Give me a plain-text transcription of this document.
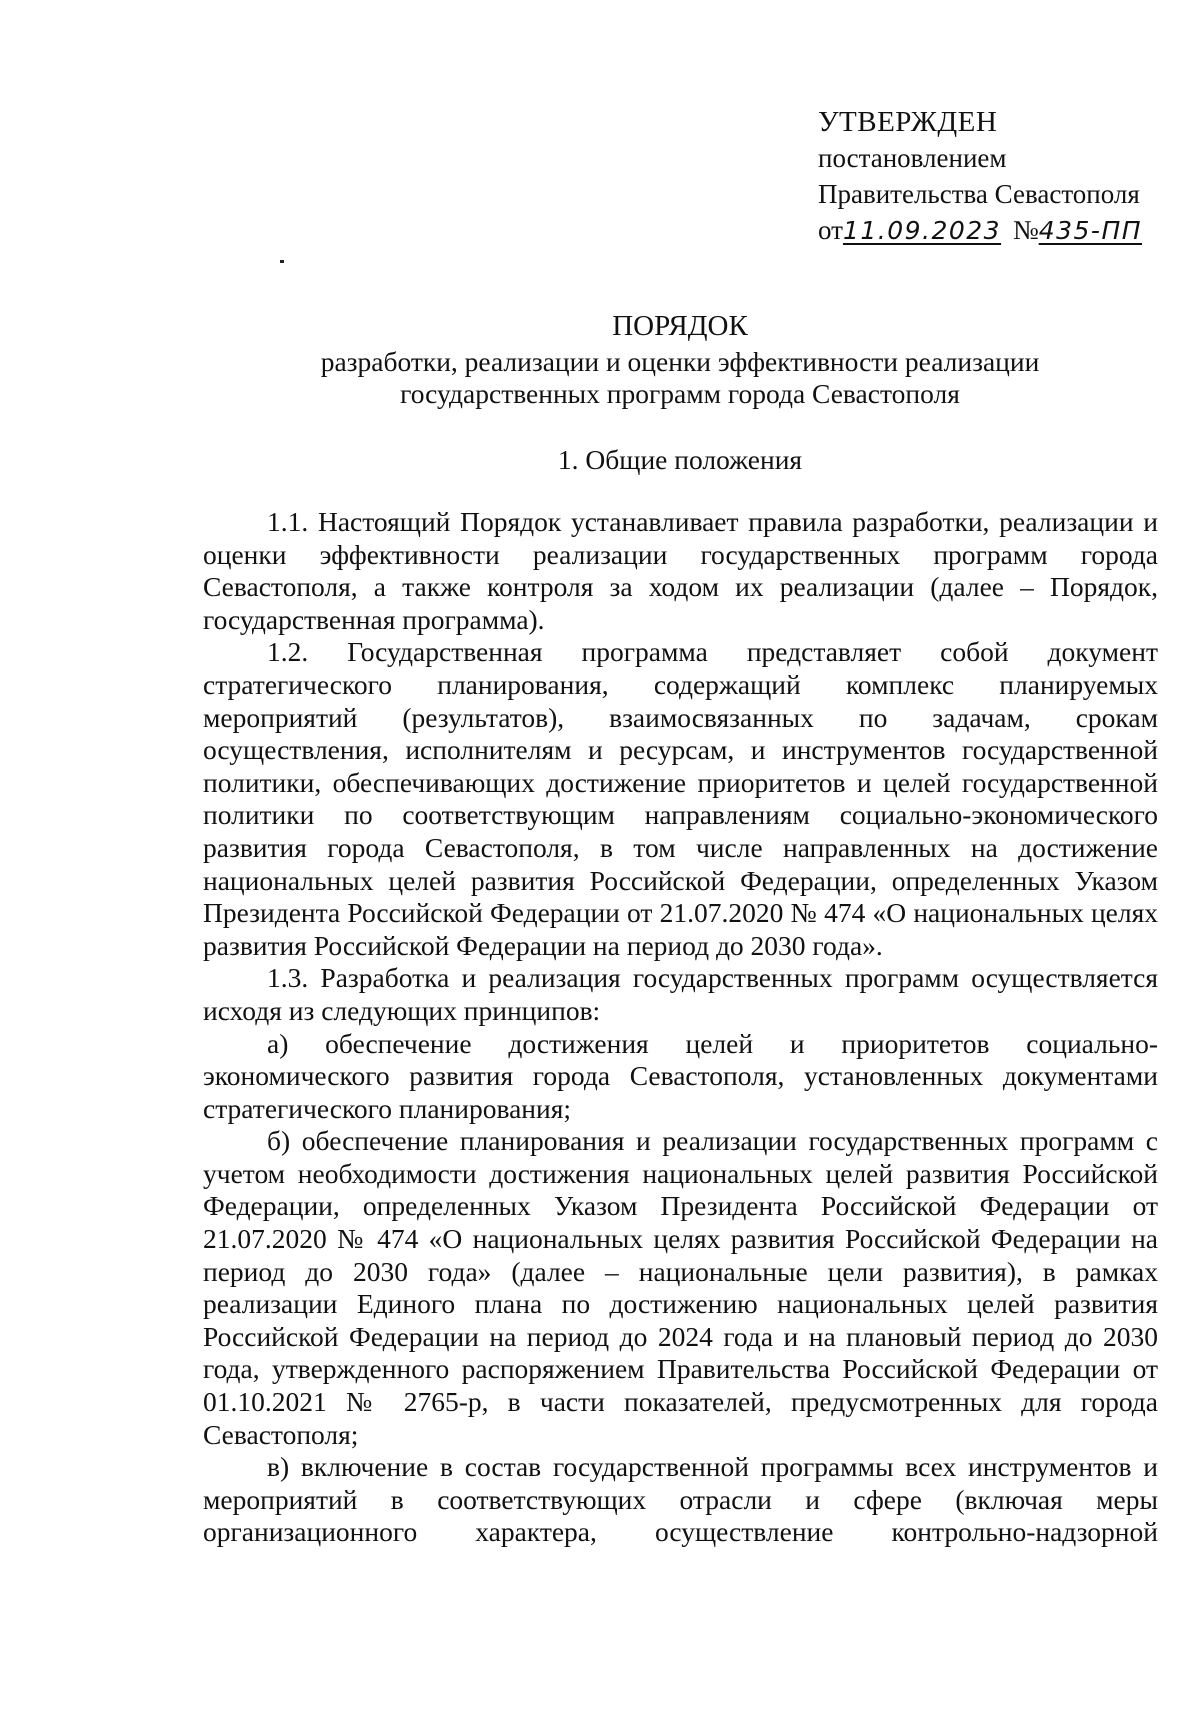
УТВЕРЖДЕН
постановлением
Правительства Севастополя
от11.09.2023 №435-ПП
ПОРЯДОК
разработки, реализации и оценки эффективности реализации
государственных программ города Севастополя
1. Общие положения

1.1. Настоящий Порядок устанавливает правила разработки, реализации и оценки эффективности реализации государственных программ города Севастополя, а также контроля за ходом их реализации (далее – Порядок, государственная программа).

1.2. Государственная программа представляет собой документ стратегического планирования, содержащий комплекс планируемых мероприятий (результатов), взаимосвязанных по задачам, срокам осуществления, исполнителям и ресурсам, и инструментов государственной политики, обеспечивающих достижение приоритетов и целей государственной политики по соответствующим направлениям социально-экономического развития города Севастополя, в том числе направленных на достижение национальных целей развития Российской Федерации, определенных Указом Президента Российской Федерации от 21.07.2020 № 474 «О национальных целях развития Российской Федерации на период до 2030 года».

1.3. Разработка и реализация государственных программ осуществляется исходя из следующих принципов:

а) обеспечение достижения целей и приоритетов социально-экономического развития города Севастополя, установленных документами стратегического планирования;

б) обеспечение планирования и реализации государственных программ с учетом необходимости достижения национальных целей развития Российской Федерации, определенных Указом Президента Российской Федерации от 21.07.2020 № 474 «О национальных целях развития Российской Федерации на период до 2030 года» (далее – национальные цели развития), в рамках реализации Единого плана по достижению национальных целей развития Российской Федерации на период до 2024 года и на плановый период до 2030 года, утвержденного распоряжением Правительства Российской Федерации от 01.10.2021 № 2765-р, в части показателей, предусмотренных для города Севастополя;

в) включение в состав государственной программы всех инструментов и мероприятий в соответствующих отрасли и сфере (включая меры организационного характера, осуществление контрольно-надзорной
